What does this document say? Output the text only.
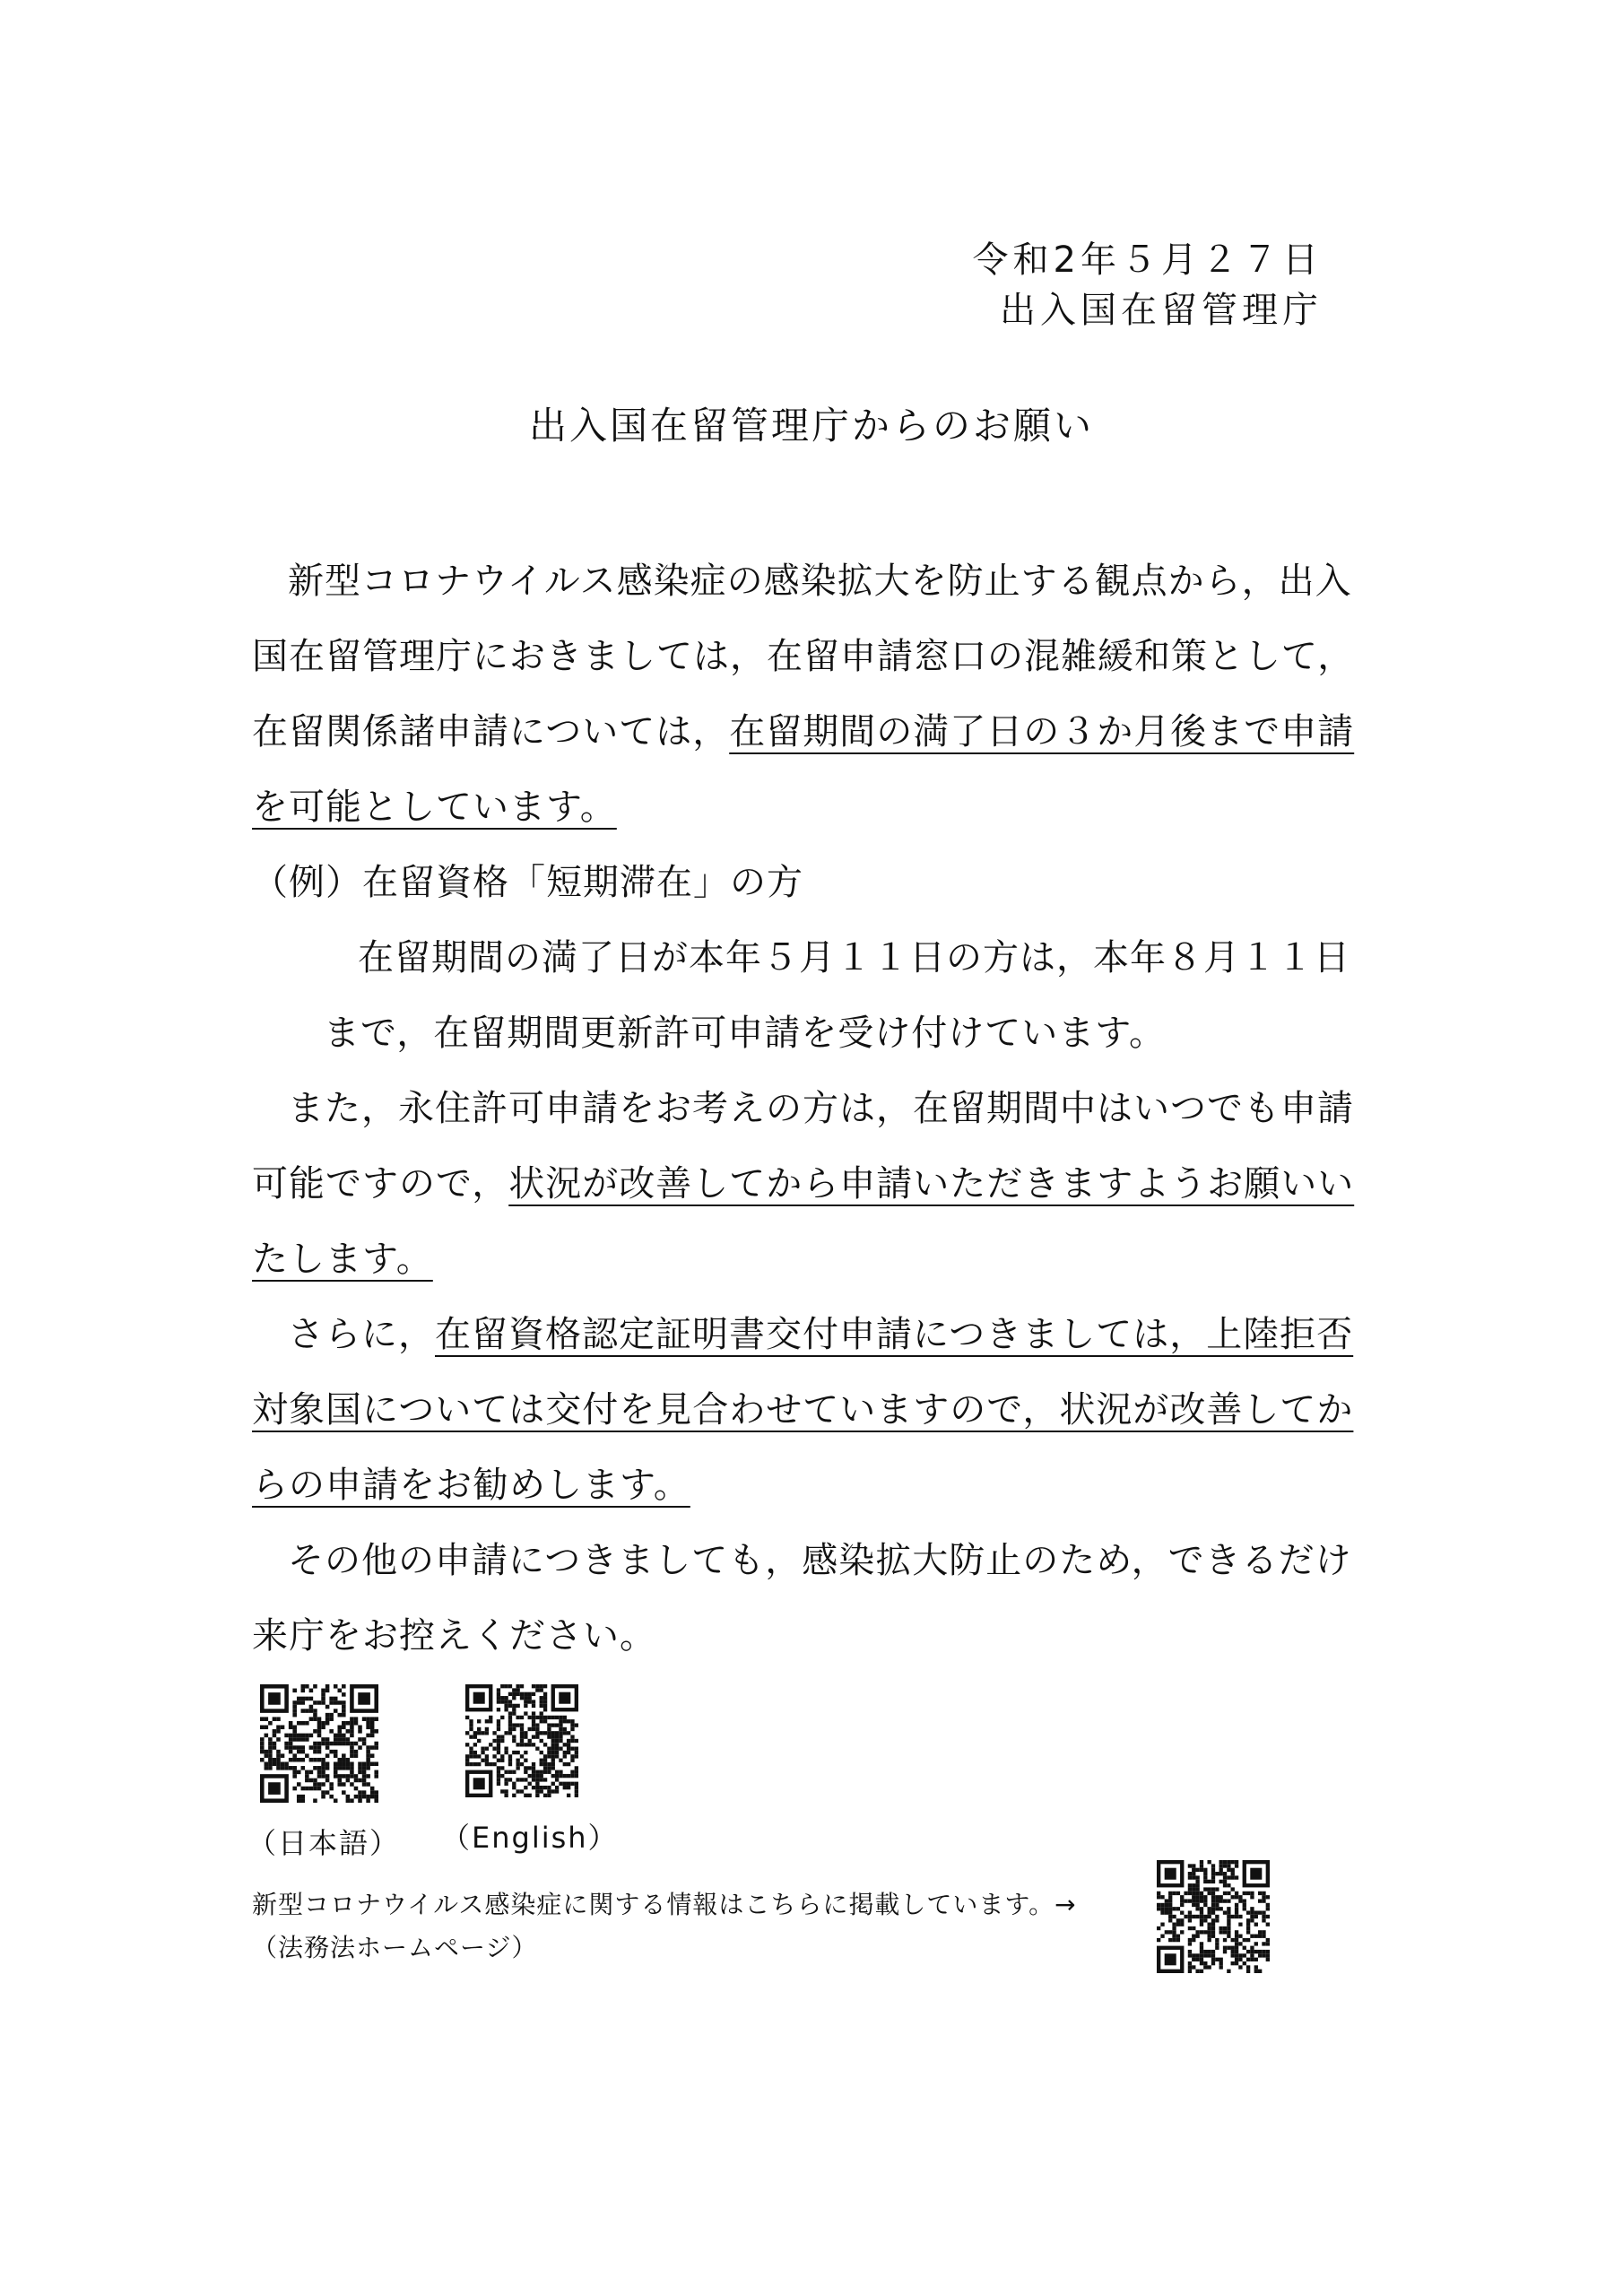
令和2年５月２７日
出入国在留管理庁
出入国在留管理庁からのお願い

新型コロナウイルス感染症の感染拡大を防止する観点から，出入
国在留管理庁におきましては，在留申請窓口の混雑緩和策として，
在留関係諸申請については，在留期間の満了日の３か月後まで申請
を可能としています。

（例）在留資格「短期滞在」の方
在留期間の満了日が本年５月１１日の方は，本年８月１１日
まで，在留期間更新許可申請を受け付けています。

また，永住許可申請をお考えの方は，在留期間中はいつでも申請
可能ですので，状況が改善してから申請いただきますようお願いい
たします。

さらに，在留資格認定証明書交付申請につきましては，上陸拒否
対象国については交付を見合わせていますので，状況が改善してか
らの申請をお勧めします。

その他の申請につきましても，感染拡大防止のため，できるだけ
来庁をお控えください。

（日本語） （English）
新型コロナウイルス感染症に関する情報はこちらに掲載しています。→
（法務法ホームページ）
